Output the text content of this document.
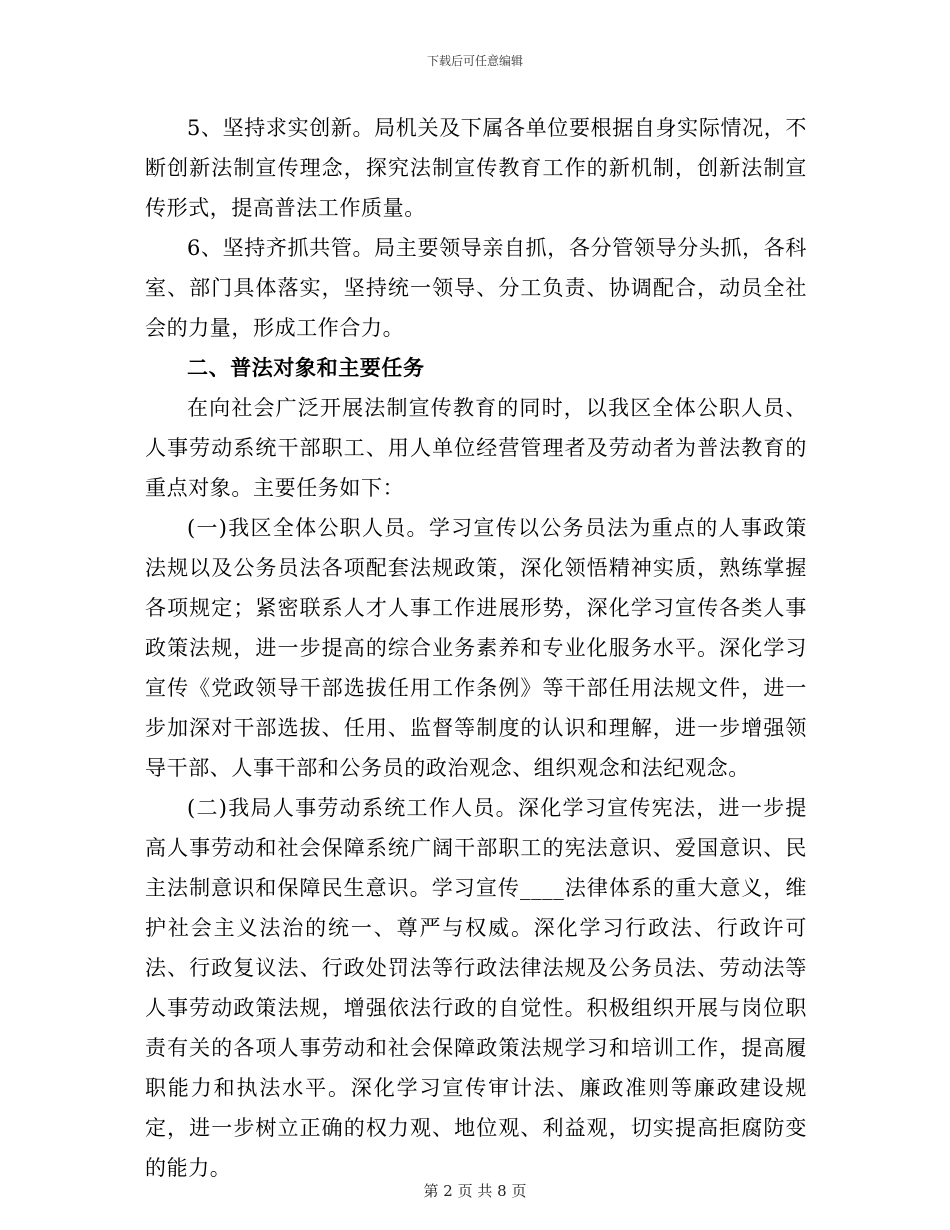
下载后可任意编辑

5、坚持求实创新。局机关及下属各单位要根据自身实际情况，不断创新法制宣传理念，探究法制宣传教育工作的新机制，创新法制宣传形式，提高普法工作质量。

6、坚持齐抓共管。局主要领导亲自抓，各分管领导分头抓，各科室、部门具体落实，坚持统一领导、分工负责、协调配合，动员全社会的力量，形成工作合力。

二、普法对象和主要任务

在向社会广泛开展法制宣传教育的同时，以我区全体公职人员、人事劳动系统干部职工、用人单位经营管理者及劳动者为普法教育的重点对象。主要任务如下：

(一)我区全体公职人员。学习宣传以公务员法为重点的人事政策法规以及公务员法各项配套法规政策，深化领悟精神实质，熟练掌握各项规定；紧密联系人才人事工作进展形势，深化学习宣传各类人事政策法规，进一步提高的综合业务素养和专业化服务水平。深化学习宣传《党政领导干部选拔任用工作条例》等干部任用法规文件，进一步加深对干部选拔、任用、监督等制度的认识和理解，进一步增强领导干部、人事干部和公务员的政治观念、组织观念和法纪观念。

(二)我局人事劳动系统工作人员。深化学习宣传宪法，进一步提高人事劳动和社会保障系统广阔干部职工的宪法意识、爱国意识、民主法制意识和保障民生意识。学习宣传____法律体系的重大意义，维护社会主义法治的统一、尊严与权威。深化学习行政法、行政许可法、行政复议法、行政处罚法等行政法律法规及公务员法、劳动法等人事劳动政策法规，增强依法行政的自觉性。积极组织开展与岗位职责有关的各项人事劳动和社会保障政策法规学习和培训工作，提高履职能力和执法水平。深化学习宣传审计法、廉政准则等廉政建设规定，进一步树立正确的权力观、地位观、利益观，切实提高拒腐防变的能力。

第 2 页 共 8 页
